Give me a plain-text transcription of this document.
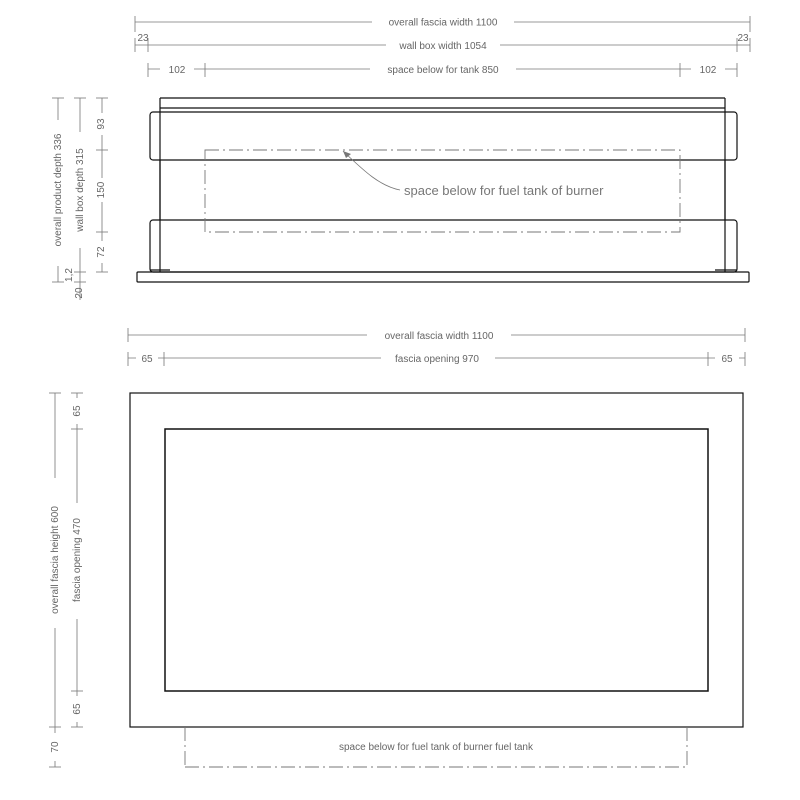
overall fascia width 1100
wall box width 1054
23	23
102	space below for tank 850	102
space below for fuel tank of burner
overall product depth 336 wall box depth 315
1,2
20
93
150
72
overall fascia width 1100
65	fascia opening 970	65
space below for fuel tank of burner fuel tank
overall fascia height 600
70
65
fascia opening 470
65
